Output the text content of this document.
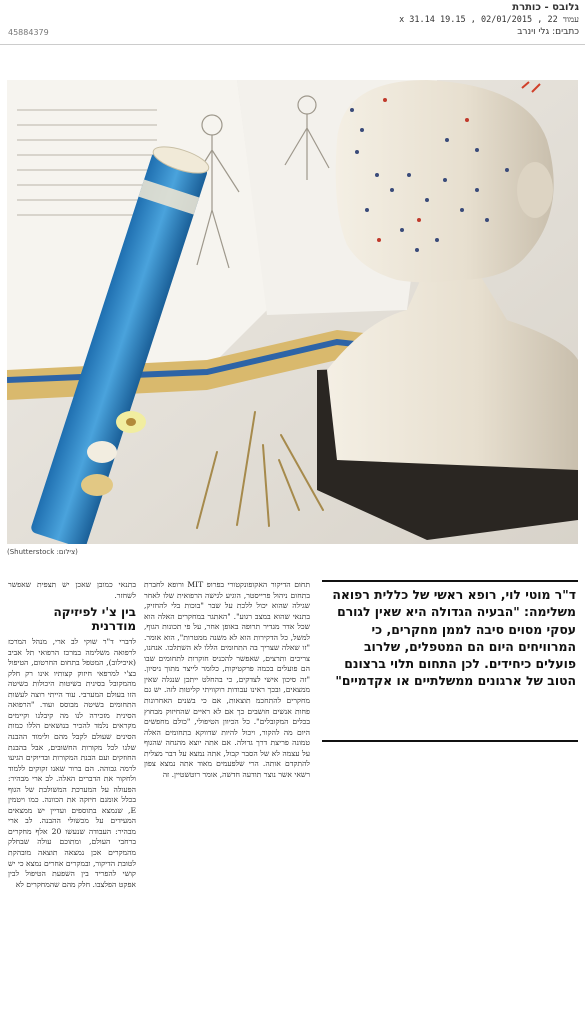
גלובס - כותרת
עמוד 22 , 02/01/2015 , 19.15 x 31.14
כתבים: גלי וינרב
45884379
(Shutterstock :צילום)

ד"ר מוטי לוי, רופא ראשי של כללית רפואה משלימה: "הבעיה הגדולה היא שאין לגורם עסקי מסוים סיבה לממן מחקרים, כי המרוויחים היום הם המטפלים, שלרוב פועלים כיחידים. לכן התחום תלוי ברצונם הטוב של ארגונים ממשלתיים או אקדמיים"

תחום הדיקור האקופונקטורי בפרופ MIT ורופא לחברת בתחום ניהול פרייסטר, הוגיע לגישה הרפואית שלו לאחר שגילה שהוא יכול ללכת על שבר "בוכות בלי להחזיק, בתנאי שהוא במצב רגוע". "האתגר במחקרים האלה הוא שכל אדר מגדיר תרופה באופן אחר, על פי תכונות הגוף, למשל, כל הדקירות הוא לא משנה ממטרות", הוא אומר. "זו שאלה שצריך בה התחומים הללו לא השתלבו. אנחנו, צריכים ותרצים, שאפשר להכניס חוקרות לתחומים שבו הם פועלים בכמה פרקטיקות, כלומר לייצר מתוך ניסיון. "זה סיכון אישי לצדקים, כי בהחלט ייתכן שנגלה שאין ממצאים, ובכך ראינו עבודות רוקוויתי קליטות לזה. יש גם מחקרים להתחכמ תוצאות, אם כי בשנים האחרונות פחות אנשים חושבים כך אם לא ראיים שהחיזוק מבחוץ בכלים המקובלים". כל הכיוון הטיפולי, "כולם מחפשים היום מה להקור, ויכול להיות שדווקא בתחומים האלה טמונה פריצת דרך גדולה. אם אתה יוצא מהנחה שהגוף על עצמה לא של הסבר קבול, אתה נמצא על דבר מצלית להתקדם אותה. הרי שלפעמים מאוד אתה נמצא צפון רשאי אשר נוצר תודעה חדשה, אומר רוטשטיין. זה

בתנאי כמובן שאכן יש תצפית שאפשר לשחזר.

בין צ'י לפיזיקה מודרנית

לדברי ד"ר שוקי לב ארי, מנהל המרכז לרפואה משלימה במרכז הרפואי תל אביב (איכילוב), המטפל בתחום החרטום, הטיפול בצ'י למרפאי חיזוק קצותיו אינו רק חלק מהמקובל בסינית בשיטות היכולות בשיטה הזו בעולם המערבי. עוד הייתי רוצה לעשות התחומים בשיטה מבוסס ועוד. "הרפואה הסינית מזכירה לנו מה קיבלנו וקיימים מקראים נלמד להכיר בנושאים הללו כמות הסינים שעולם לקבל מהם ולימוד ההבנה שלנו לכל מקורות החשובים, אבל בהבנת החוזקים ועם הבנת המקורות ובדיוקים הגיעו לרמה גבוהה. הם ברור שאנו זקוקים ללמוד ולחקור את הדברים האלה. לב ארי מבהיר: הפעולה על המערכת המשולבת של הגוף בכלל אומנם חיזקה את הכוונה. כמו ויטמין E, שנמצא בתוספים ועדיין יש ממצאים המעידים על מכשולי ההבנה. לב ארי מבהיר: העבודה שנעשו 20 אלף מחקרים ברחבי העולם, ומתוכם עולה שבחלק מהמקרים אכן נמצאה תוצאה מובהקת לטובת הדיקור, ובמקרים אחרים נמצא כי יש קושי להפריד בין השפעת הטיפול לבין אפקט הפלצבו. חלק מהם שהמחקרים לא
